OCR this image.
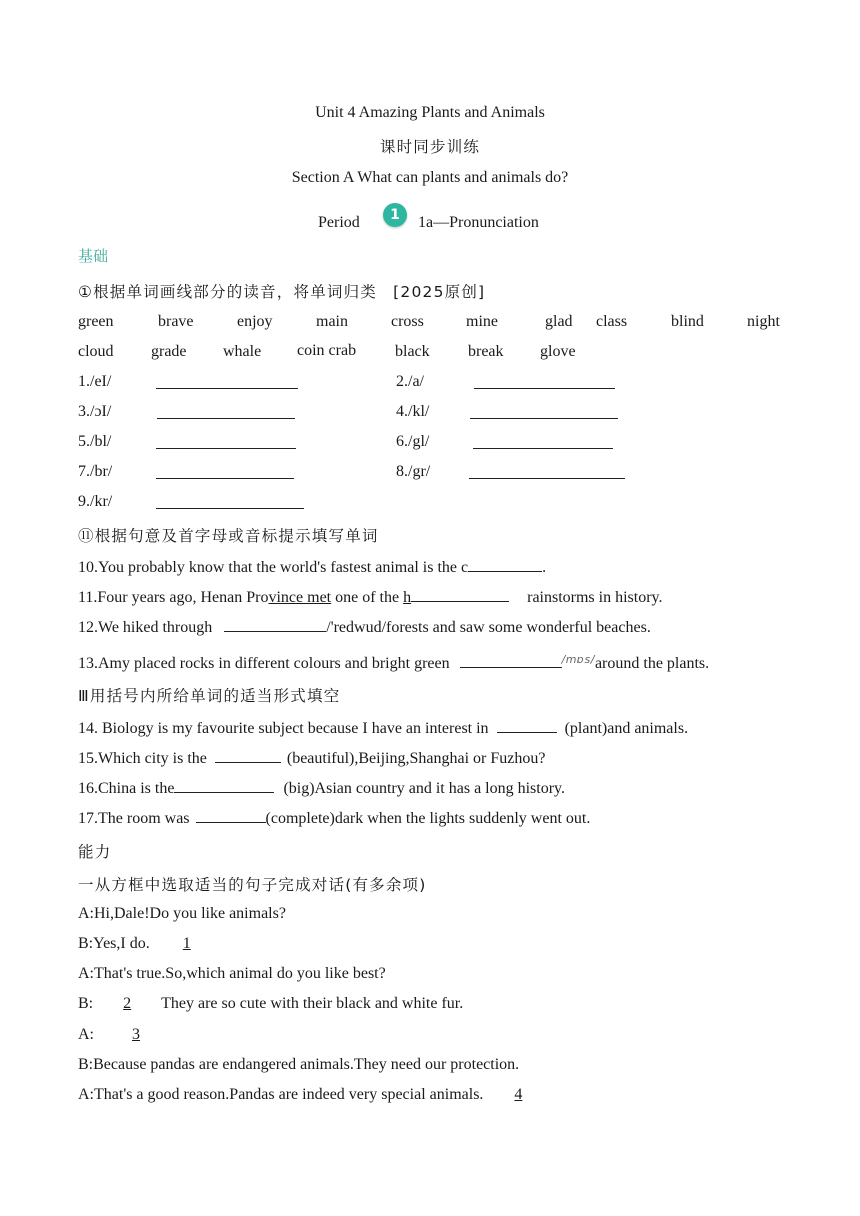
Unit 4 Amazing Plants and Animals
课时同步训练
Section A What can plants and animals do?
Period	1	1a—Pronunciation
基础
①根据单词画线部分的读音，将单词归类 [2025原创]
green	brave	enjoy	main	cross	mine	glad class	blind	night
cloud grade whale coin crab black break glove
1./eI/	2./a/
3./ɔI/	4./kl/
5./bl/	6./gl/
7./br/	8./gr/
9./kr/
⑪根据句意及首字母或音标提示填写单词
10.You probably know that the world's fastest animal is the c	.
11.Four years ago, Henan Province met one of the h	rainstorms in history.
12.We hiked through	/'redwud/forests and saw some wonderful beaches.
13.Amy placed rocks in different colours and bright green	$^{/mɒs/}$around the plants.
Ⅲ用括号内所给单词的适当形式填空
14. Biology is my favourite subject because I have an interest in	(plant)and animals.
15.Which city is the	(beautiful),Beijing,Shanghai or Fuzhou?
16.China is the	(big)Asian country and it has a long history.
17.The room was	(complete)dark when the lights suddenly went out.
能力
一从方框中选取适当的句子完成对话(有多余项)
A:Hi,Dale!Do you like animals?
B:Yes,I do. 1
A:That's true.So,which animal do you like best?
B: 2 They are so cute with their black and white fur.
A: 3
B:Because pandas are endangered animals.They need our protection.
A:That's a good reason.Pandas are indeed very special animals. 4
